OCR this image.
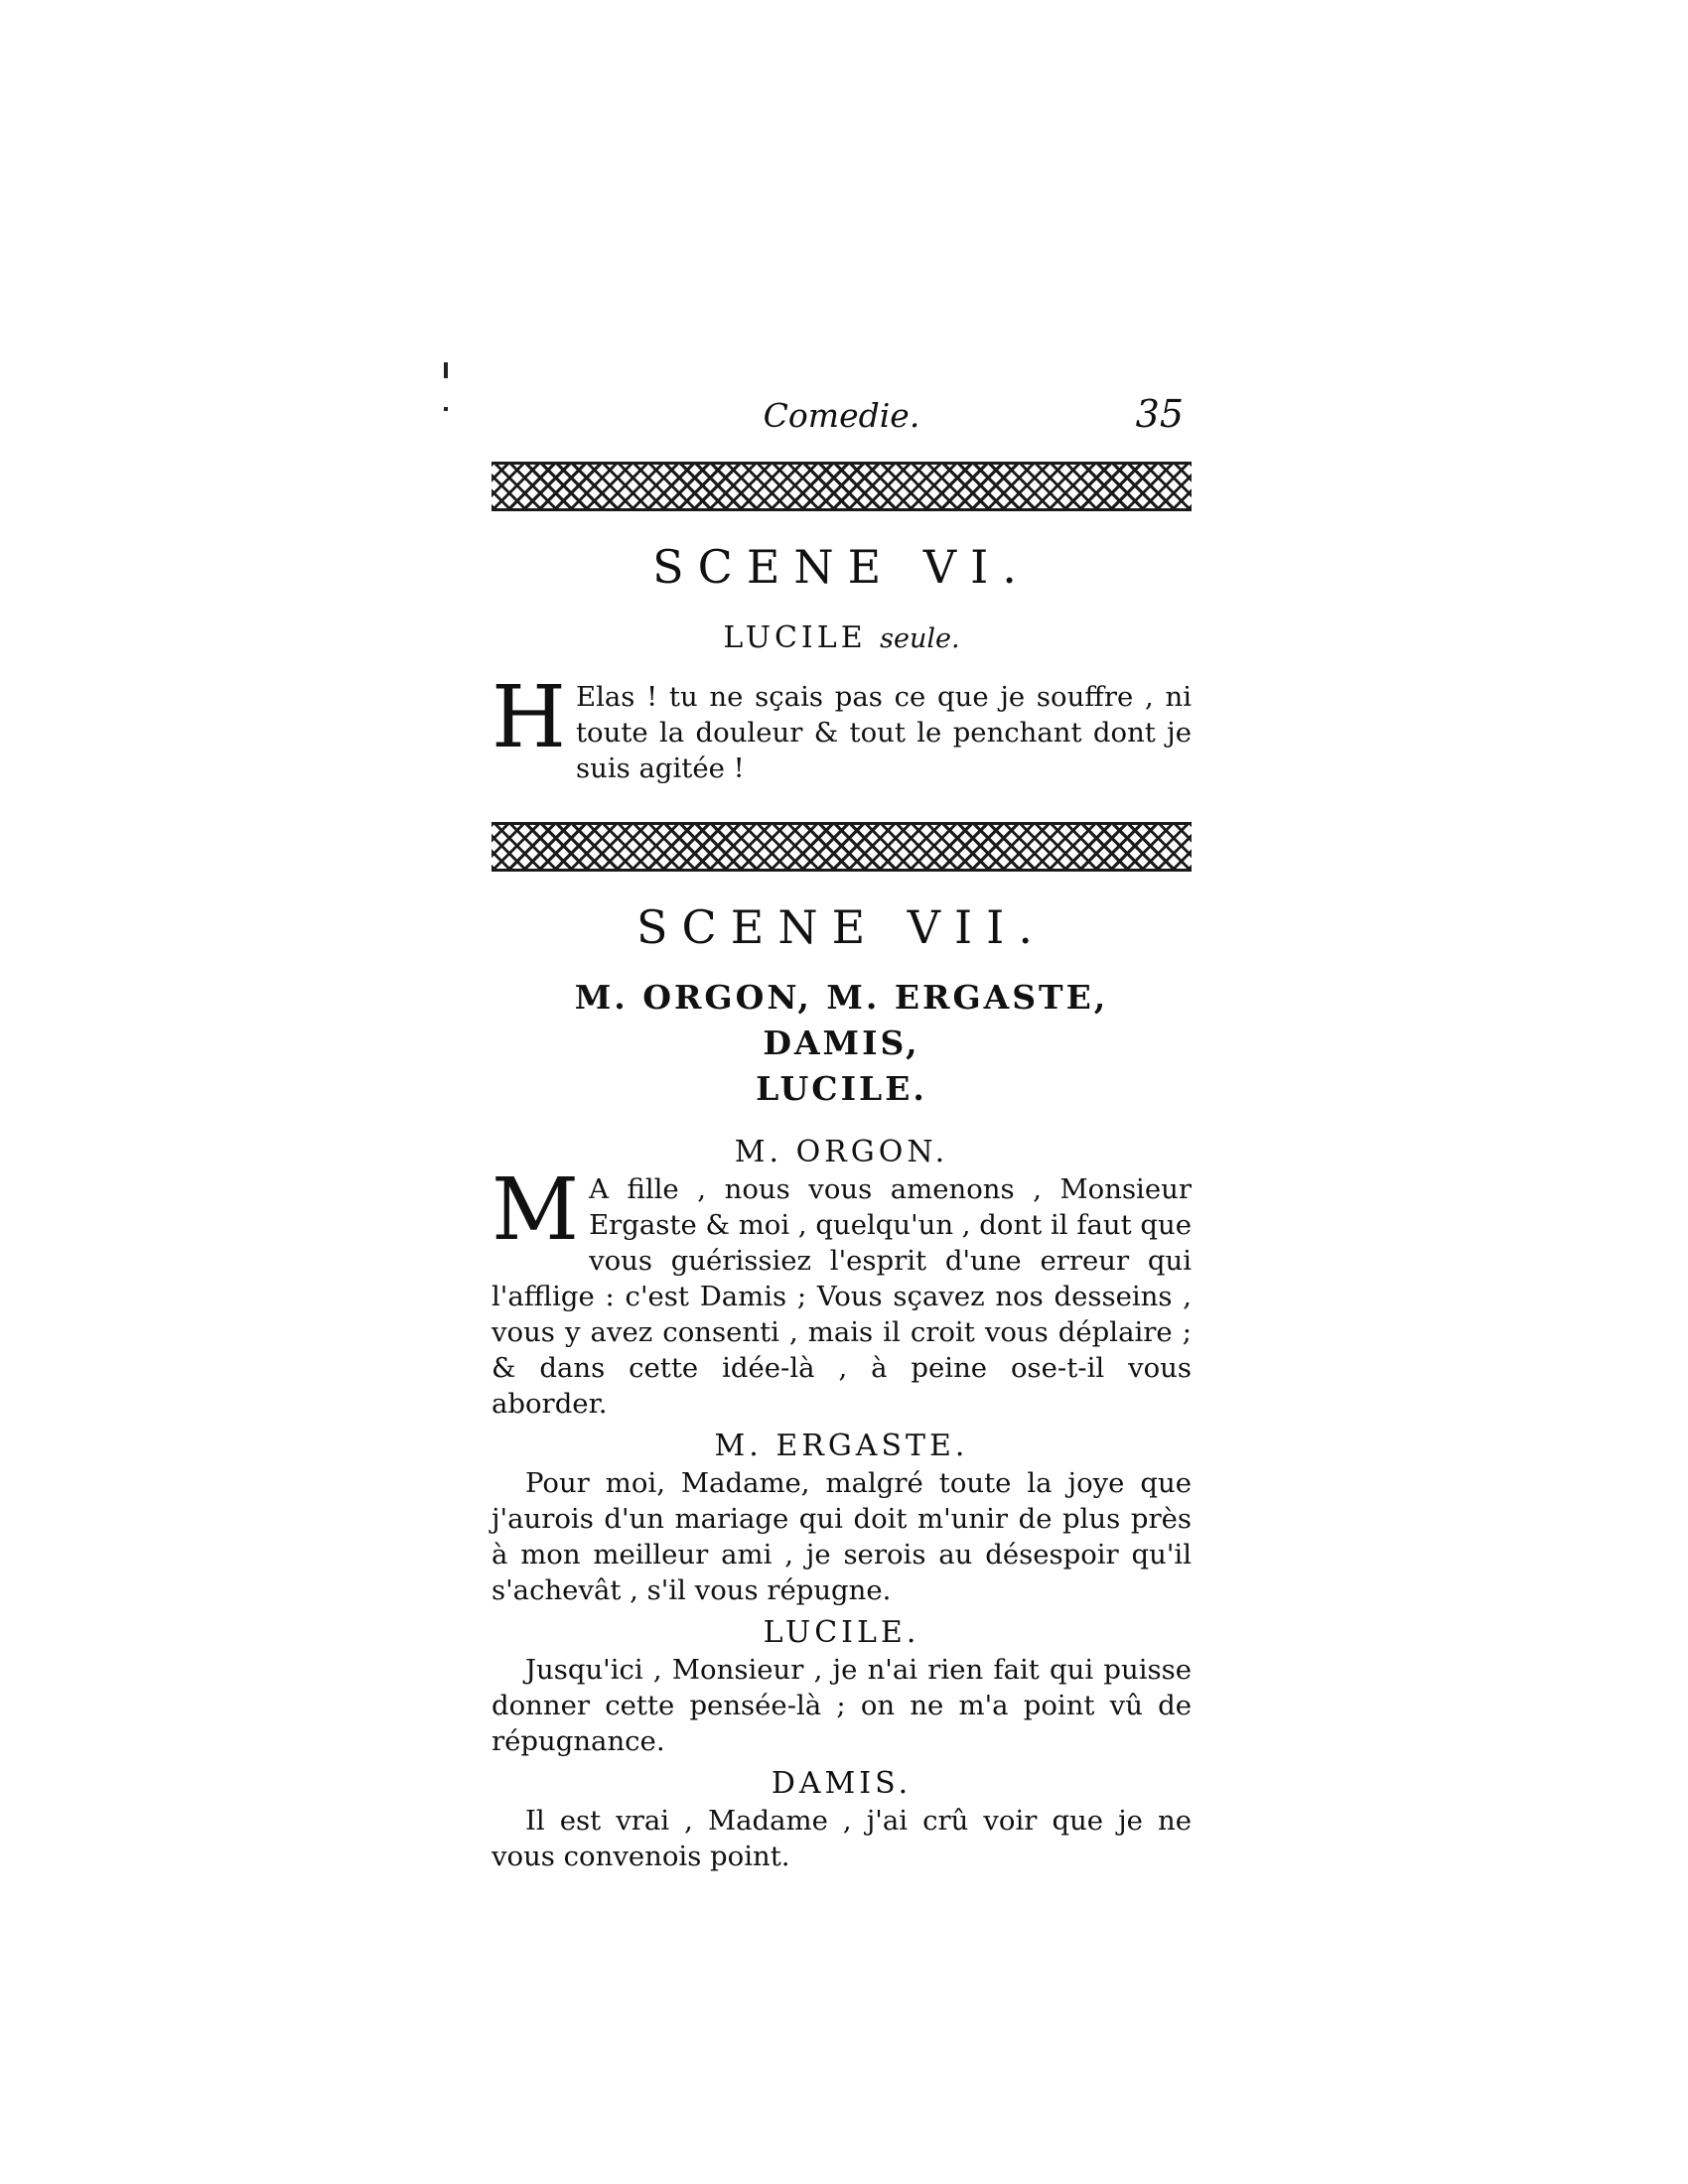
Comedie.	35
SCENE VI.
LUCILE seule.
H Elas ! tu ne sçais pas ce que je souffre , ni toute la douleur & tout le penchant dont je suis agitée !
SCENE VII.
M. ORGON, M. ERGASTE, DAMIS,
LUCILE.
M. ORGON.
M A fille , nous vous amenons , Monsieur Ergaste & moi , quelqu'un , dont il faut que vous guérissiez l'esprit d'une erreur qui l'afflige : c'est Damis ; Vous sçavez nos desseins , vous y avez consenti , mais il croit vous déplaire ; & dans cette idée-là , à peine ose-t-il vous aborder.
M. ERGASTE.

Pour moi, Madame, malgré toute la joye que j'aurois d'un mariage qui doit m'unir de plus près à mon meilleur ami , je serois au désespoir qu'il s'achevât , s'il vous répugne.

LUCILE.

Jusqu'ici , Monsieur , je n'ai rien fait qui puisse donner cette pensée-là ; on ne m'a point vû de répugnance.

DAMIS.

Il est vrai , Madame , j'ai crû voir que je ne vous convenois point.
